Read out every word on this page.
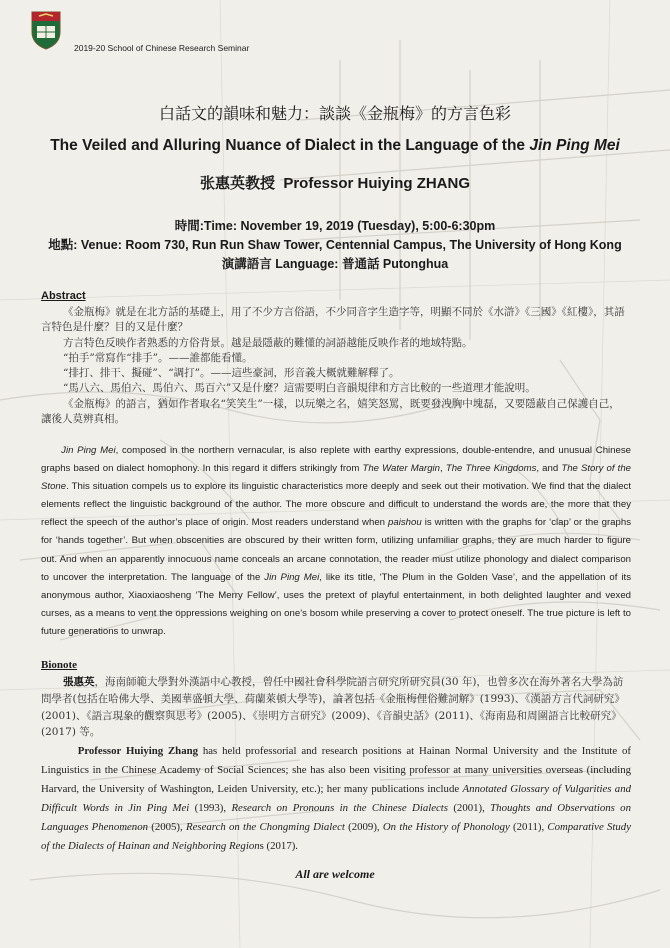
2019-20 School of Chinese Research Seminar
白話文的韻味和魅力：談談《金瓶梅》的方言色彩
The Veiled and Alluring Nuance of Dialect in the Language of the Jin Ping Mei
张惠英教授 Professor Huiying ZHANG
時間:Time: November 19, 2019 (Tuesday), 5:00-6:30pm
地點: Venue: Room 730, Run Run Shaw Tower, Centennial Campus, The University of Hong Kong
演講語言 Language: 普通話 Putonghua
Abstract

《金瓶梅》就是在北方話的基礎上，用了不少方言俗語，不少同音字生造字等，明顯不同於《水滸》《三國》《紅樓》，其語言特色是什麼？目的又是什麼？

方言特色反映作者熟悉的方俗背景。越是最隱蔽的難懂的詞語越能反映作者的地域特點。

“拍手”常寫作“排手”。——誰都能看懂。

“排打、排干、擬碰”、“調打”。——這些豪詞，形音義大概就難解釋了。

“馬八六、馬伯六、馬伯六、馬百六”又是什麼？這需要明白音韻規律和方言比較的一些道理才能說明。

《金瓶梅》的語言，猶如作者取名“笑笑生”一樣，以玩樂之名，嬉笑怒罵，既要發洩胸中塊磊，又要隱蔽自己保護自己，讓後人莫辨真相。

Jin Ping Mei, composed in the northern vernacular, is also replete with earthy expressions, double-entendre, and unusual Chinese graphs based on dialect homophony. In this regard it differs strikingly from The Water Margin, The Three Kingdoms, and The Story of the Stone. This situation compels us to explore its linguistic characteristics more deeply and seek out their motivation. We find that the dialect elements reflect the linguistic background of the author. The more obscure and difficult to understand the words are, the more that they reflect the speech of the author’s place of origin. Most readers understand when paishou is written with the graphs for ‘clap’ or the graphs for ‘hands together’. But when obscenities are obscured by their written form, utilizing unfamiliar graphs, they are much harder to figure out. And when an apparently innocuous name conceals an arcane connotation, the reader must utilize phonology and dialect comparison to uncover the interpretation. The language of the Jin Ping Mei, like its title, ‘The Plum in the Golden Vase’, and the appellation of its anonymous author, Xiaoxiaosheng ‘The Merry Fellow’, uses the pretext of playful entertainment, in both delighted laughter and vexed curses, as a means to vent the oppressions weighing on one’s bosom while preserving a cover to protect oneself. The true picture is left to future generations to unwrap.
Bionote

張惠英，海南師範大學對外漢語中心教授，曾任中國社會科學院語言研究所研究員(30 年)，也曾多次在海外著名大學為訪問學者(包括在哈佛大學、美國華盛頓大學、荷蘭萊頓大學等)，論著包括《金瓶梅俚俗難詞解》(1993)、《漢語方言代詞研究》(2001)、《語言現象的觀察與思考》(2005)、《崇明方言研究》(2009)、《音韻史話》(2011)、《海南島和周圍語言比較研究》(2017) 等。

Professor Huiying Zhang has held professorial and research positions at Hainan Normal University and the Institute of Linguistics in the Chinese Academy of Social Sciences; she has also been visiting professor at many universities overseas (including Harvard, the University of Washington, Leiden University, etc.); her many publications include Annotated Glossary of Vulgarities and Difficult Words in Jin Ping Mei (1993), Research on Pronouns in the Chinese Dialects (2001), Thoughts and Observations on Languages Phenomenon (2005), Research on the Chongming Dialect (2009), On the History of Phonology (2011), Comparative Study of the Dialects of Hainan and Neighboring Regions (2017).
All are welcome
